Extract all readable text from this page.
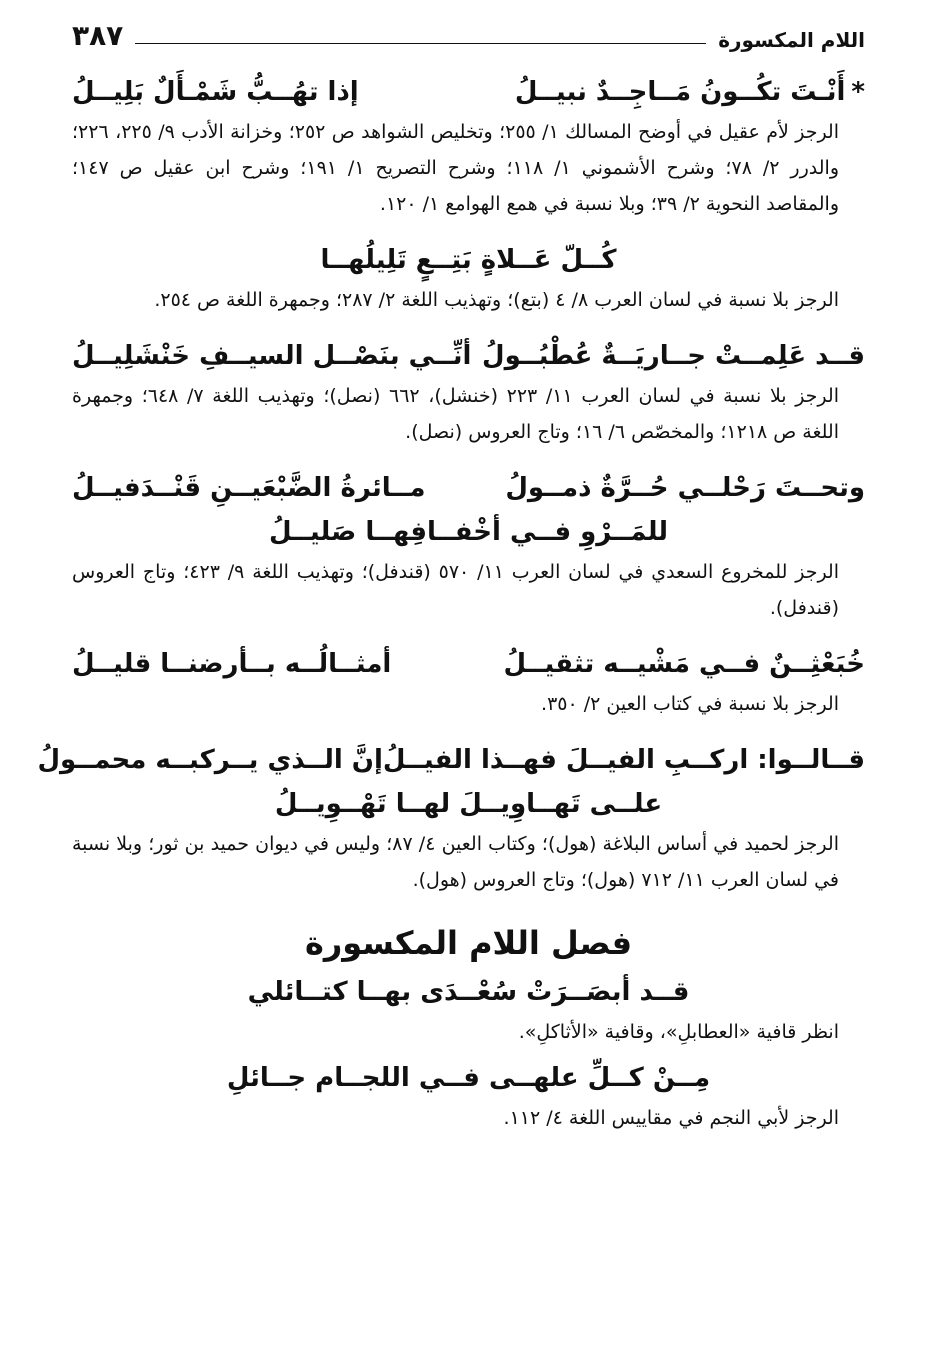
اللام المكسورة
٣٨٧
*أَنْـتَ تكُــونُ مَــاجِــدٌ نبيــلُ
إذا تهُــبُّ شَمْـأَلٌ بَلِيــلُ
الرجز لأم عقيل في أوضح المسالك ١/ ٢٥٥؛ وتخليص الشواهد ص ٢٥٢؛ وخزانة الأدب ٩/ ٢٢٥، ٢٢٦؛ والدرر ٢/ ٧٨؛ وشرح الأشموني ١/ ١١٨؛ وشرح التصريح ١/ ١٩١؛ وشرح ابن عقيل ص ١٤٧؛ والمقاصد النحوية ٢/ ٣٩؛ وبلا نسبة في همع الهوامع ١/ ١٢٠.
كُــلّ عَــلاةٍ بَتِــعٍ تَلِيلُهــا
الرجز بلا نسبة في لسان العرب ٨/ ٤ (بتع)؛ وتهذيب اللغة ٢/ ٢٨٧؛ وجمهرة اللغة ص ٢٥٤.
قــد عَلِمــتْ جــاريَــةٌ عُطْبُــولُ
أنِّــي بنَصْــل السيــفِ خَنْشَلِيــلُ
الرجز بلا نسبة في لسان العرب ١١/ ٢٢٣ (خنشل)، ٦٦٢ (نصل)؛ وتهذيب اللغة ٧/ ٦٤٨؛ وجمهرة اللغة ص ١٢١٨؛ والمخصّص ٦/ ١٦؛ وتاج العروس (نصل).
وتحــتَ رَحْلــي حُــرَّةٌ ذمــولُ
مــائرةُ الضَّبْعَيــنِ قَنْــدَفيــلُ
للمَــرْوِ فــي أخْفــافِهــا صَليــلُ
الرجز للمخروع السعدي في لسان العرب ١١/ ٥٧٠ (قندفل)؛ وتهذيب اللغة ٩/ ٤٢٣؛ وتاج العروس (قندفل).
خُبَعْثِــنٌ فــي مَشْيــه تثقيــلُ
أمثــالُــه بــأرضنــا قليــلُ
الرجز بلا نسبة في كتاب العين ٢/ ٣٥٠.
قــالــوا: اركــبِ الفيــلَ فهــذا الفيــلُ
إنَّ الــذي يــركبــه محمــولُ
علــى تَهــاوِيــلَ لهــا تَهْــوِيــلُ
الرجز لحميد في أساس البلاغة (هول)؛ وكتاب العين ٤/ ٨٧؛ وليس في ديوان حميد بن ثور؛ وبلا نسبة في لسان العرب ١١/ ٧١٢ (هول)؛ وتاج العروس (هول).
فصل اللام المكسورة
قــد أبصَــرَتْ سُعْــدَى بهــا كتــائلي
انظر قافية «العطابلِ»، وقافية «الأثاكلِ».
مِــنْ كــلِّ علهــى فــي اللجــام جــائلِ
الرجز لأبي النجم في مقاييس اللغة ٤/ ١١٢.
